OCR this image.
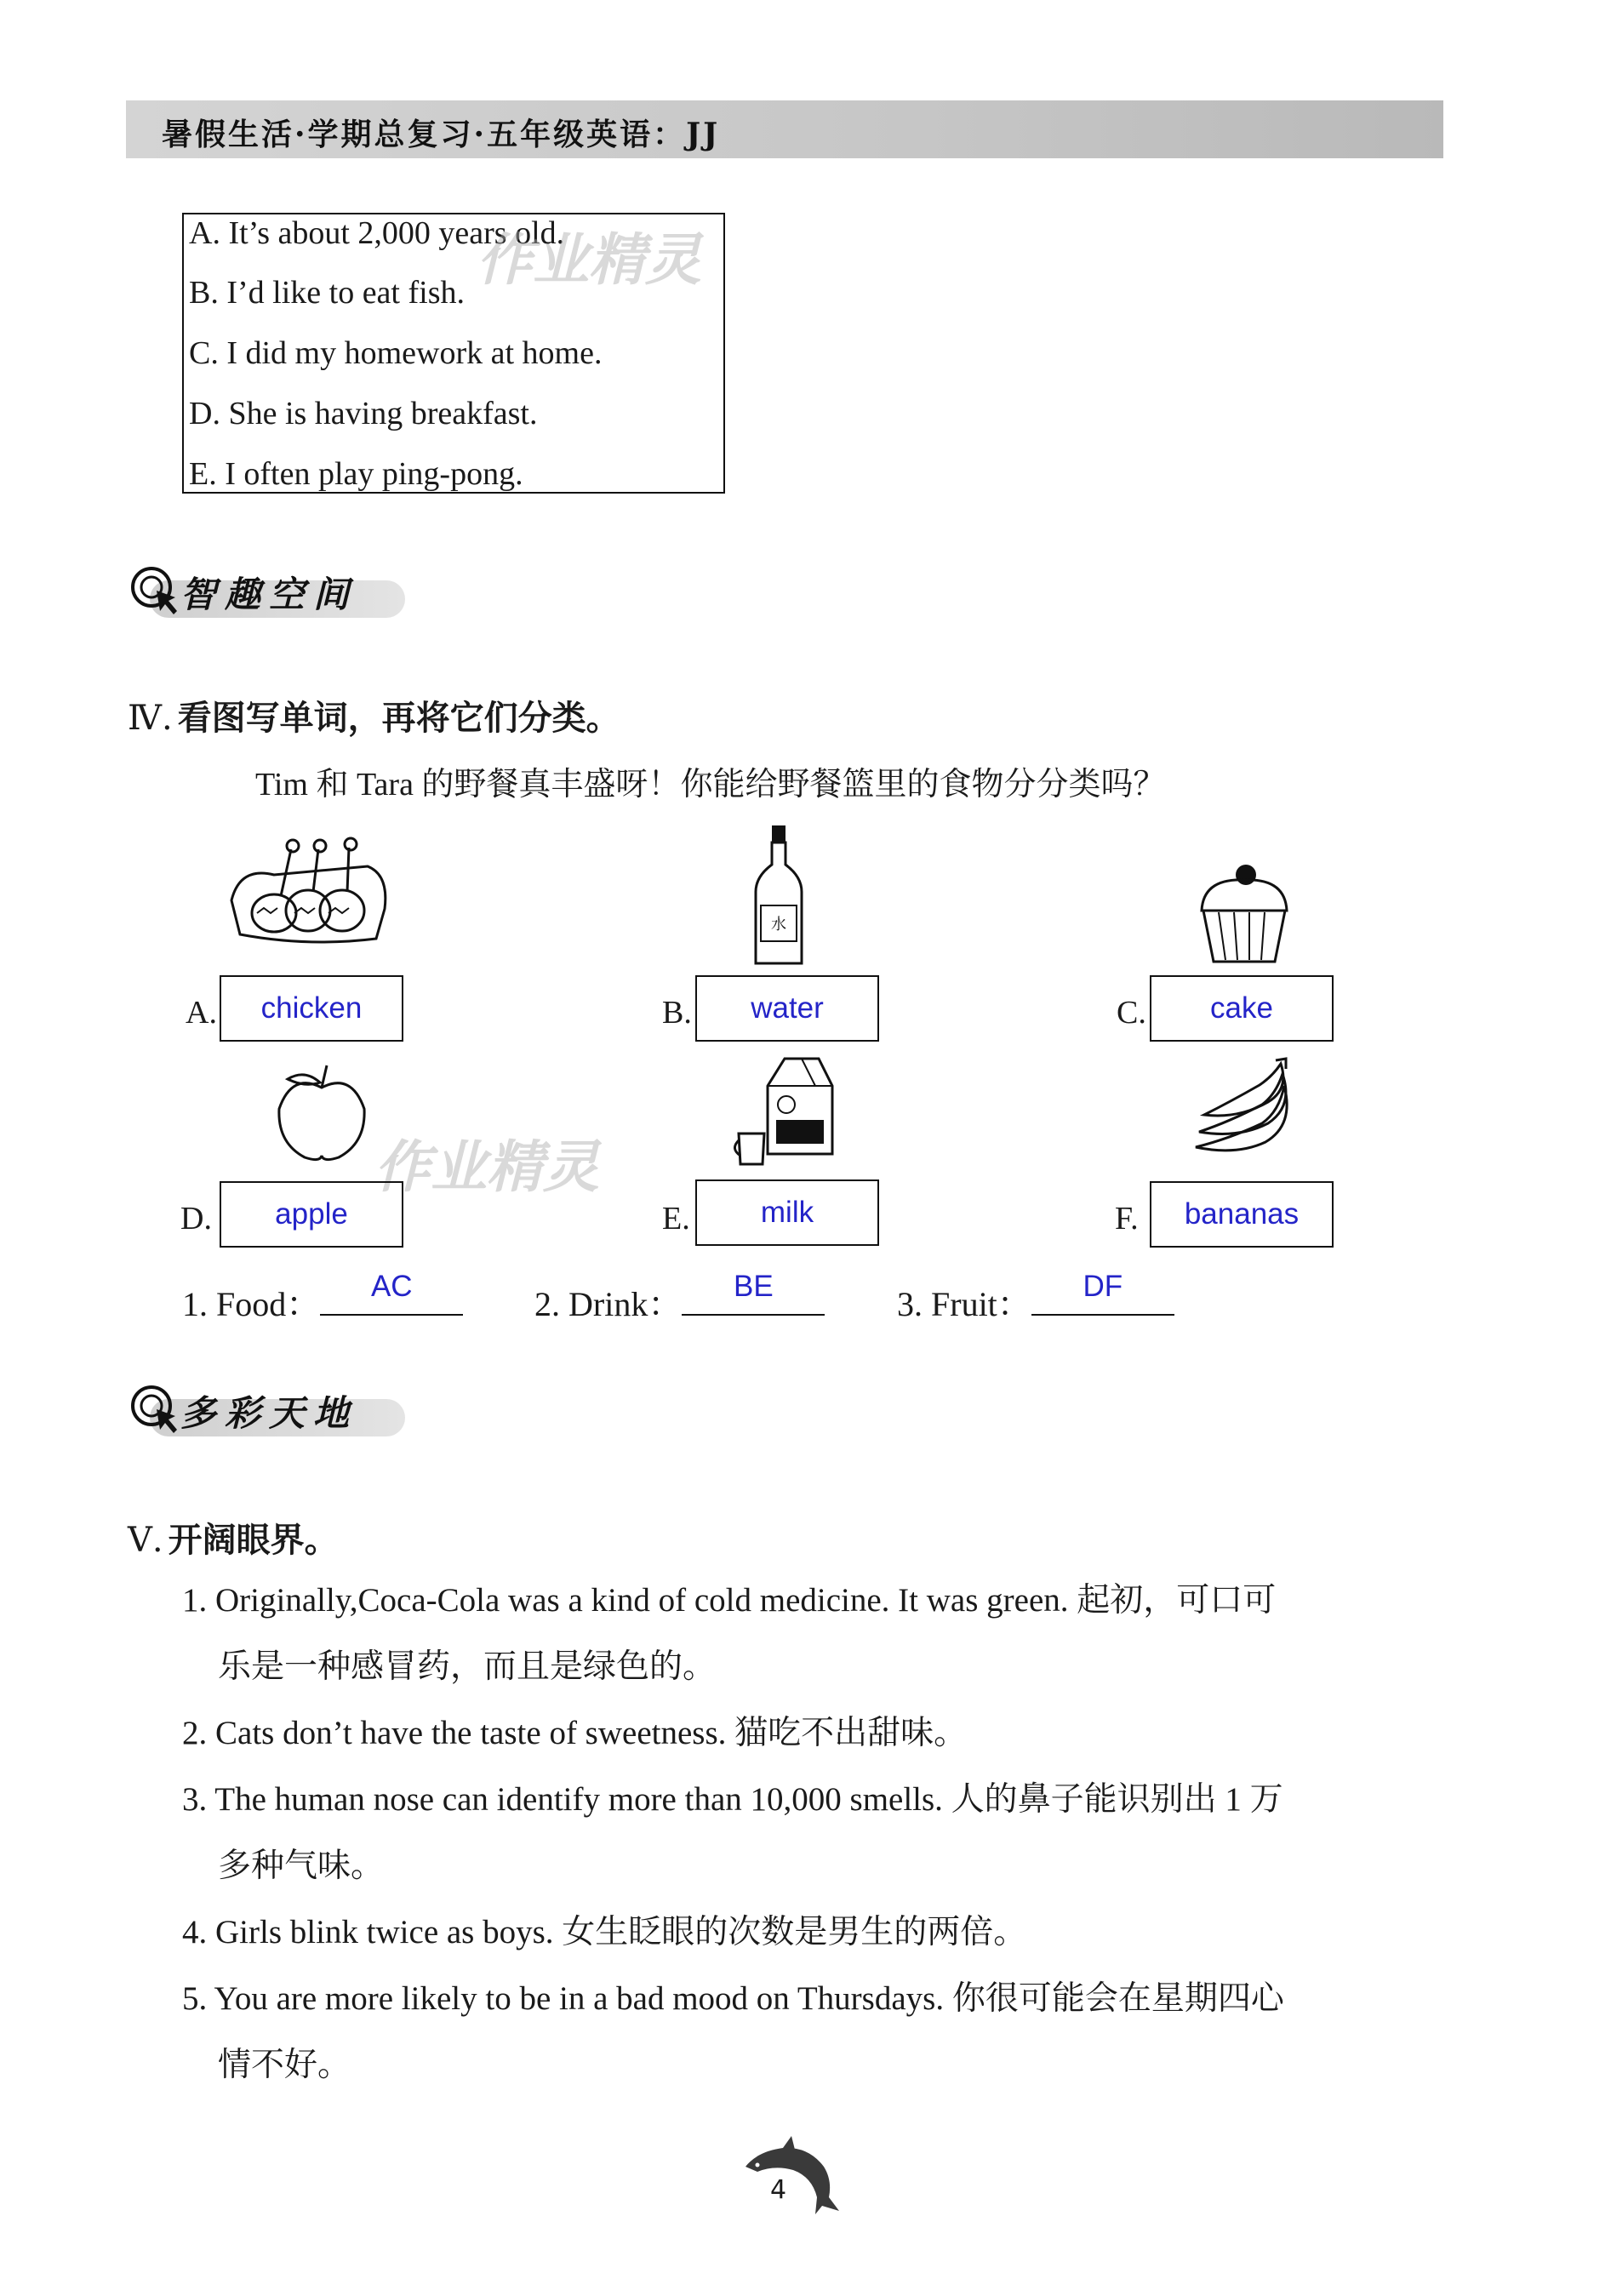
暑假生活·学期总复习·五年级英语：JJ
A. It’s about 2,000 years old.
B. I’d like to eat fish.
C. I did my homework at home.
D. She is having breakfast.
E. I often play ping-pong.
作业精灵
智趣空间
Ⅳ. 看图写单词，再将它们分类。
Tim 和 Tara 的野餐真丰盛呀！你能给野餐篮里的食物分分类吗？
水
A. chicken	B. water	C. cake
作业精灵
D. apple	E. milk	F. bananas
1. Food：	AC	2. Drink：	BE	3. Fruit：	DF
多彩天地
Ⅴ. 开阔眼界。
1. Originally,Coca-Cola was a kind of cold medicine. It was green. 起初，可口可
乐是一种感冒药，而且是绿色的。
2. Cats don’t have the taste of sweetness. 猫吃不出甜味。
3. The human nose can identify more than 10,000 smells. 人的鼻子能识别出 1 万
多种气味。
4. Girls blink twice as boys. 女生眨眼的次数是男生的两倍。
5. You are more likely to be in a bad mood on Thursdays. 你很可能会在星期四心
情不好。
4
